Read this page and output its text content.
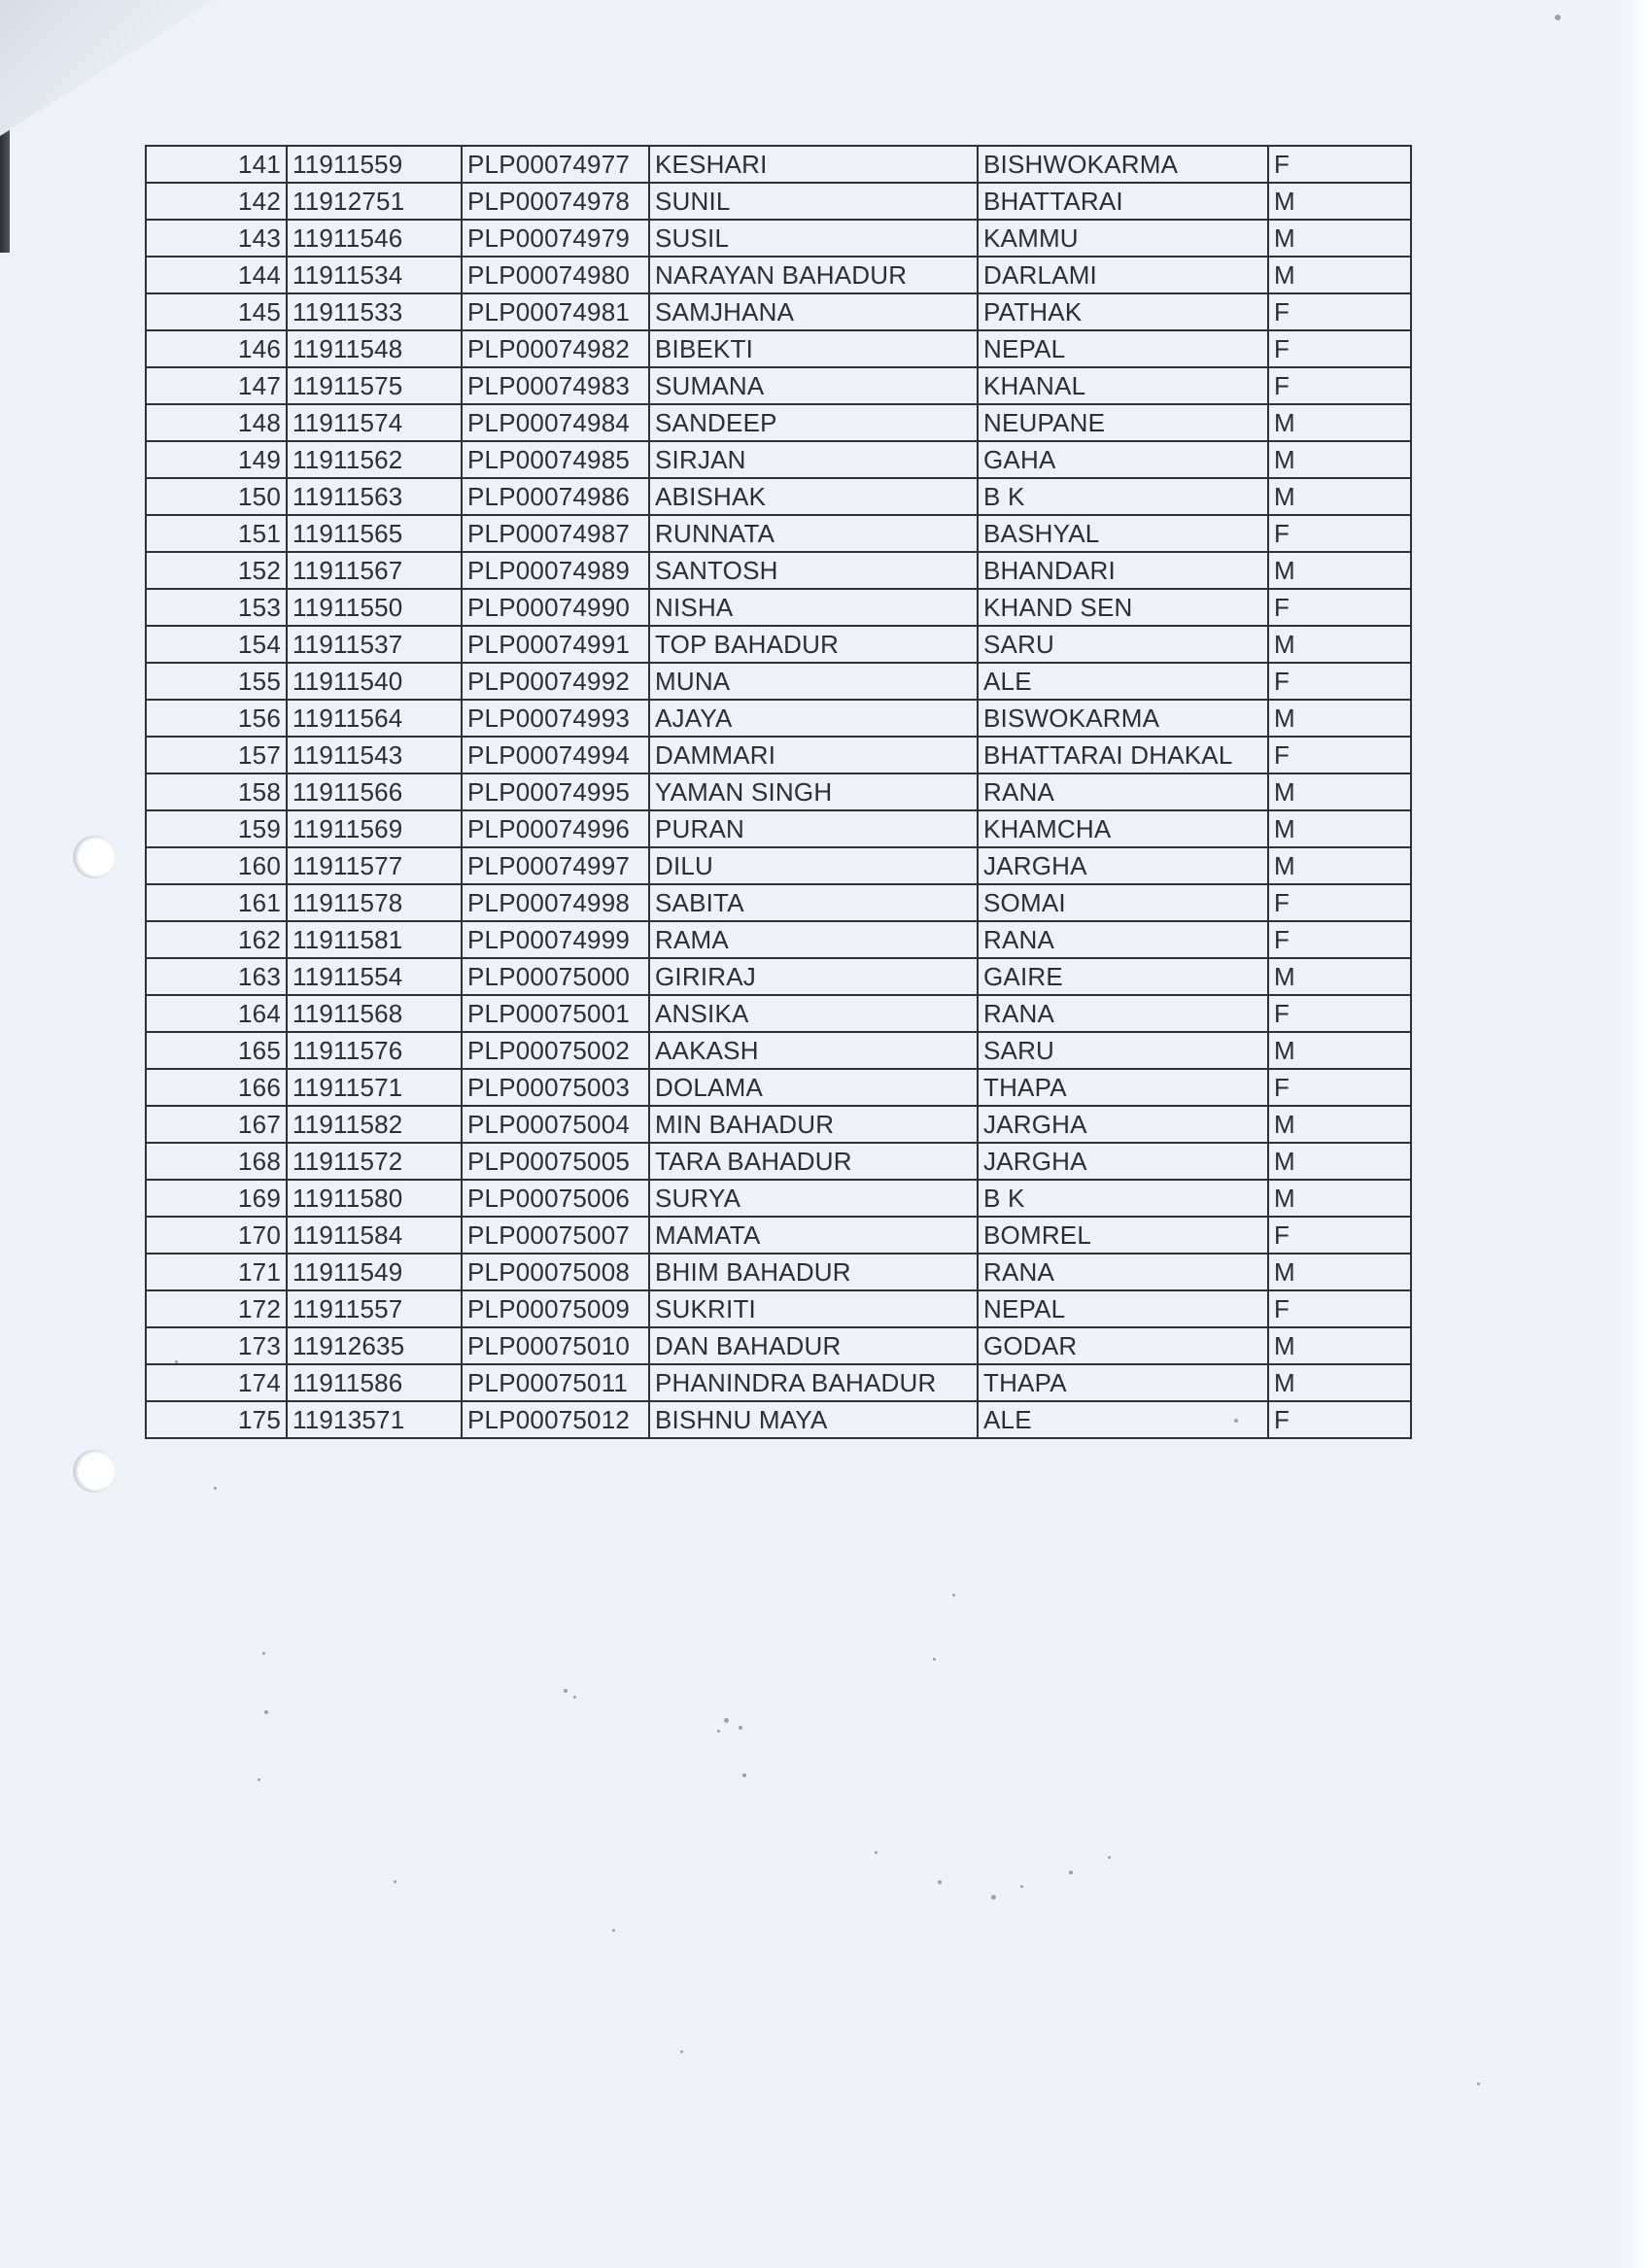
141	11911559	PLP00074977	KESHARI	BISHWOKARMA	F
142	11912751	PLP00074978	SUNIL	BHATTARAI	M
143	11911546	PLP00074979	SUSIL	KAMMU	M
144	11911534	PLP00074980	NARAYAN BAHADUR	DARLAMI	M
145	11911533	PLP00074981	SAMJHANA	PATHAK	F
146	11911548	PLP00074982	BIBEKTI	NEPAL	F
147	11911575	PLP00074983	SUMANA	KHANAL	F
148	11911574	PLP00074984	SANDEEP	NEUPANE	M
149	11911562	PLP00074985	SIRJAN	GAHA	M
150	11911563	PLP00074986	ABISHAK	B K	M
151	11911565	PLP00074987	RUNNATA	BASHYAL	F
152	11911567	PLP00074989	SANTOSH	BHANDARI	M
153	11911550	PLP00074990	NISHA	KHAND SEN	F
154	11911537	PLP00074991	TOP BAHADUR	SARU	M
155	11911540	PLP00074992	MUNA	ALE	F
156	11911564	PLP00074993	AJAYA	BISWOKARMA	M
157	11911543	PLP00074994	DAMMARI	BHATTARAI DHAKAL	F
158	11911566	PLP00074995	YAMAN SINGH	RANA	M
159	11911569	PLP00074996	PURAN	KHAMCHA	M
160	11911577	PLP00074997	DILU	JARGHA	M
161	11911578	PLP00074998	SABITA	SOMAI	F
162	11911581	PLP00074999	RAMA	RANA	F
163	11911554	PLP00075000	GIRIRAJ	GAIRE	M
164	11911568	PLP00075001	ANSIKA	RANA	F
165	11911576	PLP00075002	AAKASH	SARU	M
166	11911571	PLP00075003	DOLAMA	THAPA	F
167	11911582	PLP00075004	MIN BAHADUR	JARGHA	M
168	11911572	PLP00075005	TARA BAHADUR	JARGHA	M
169	11911580	PLP00075006	SURYA	B K	M
170	11911584	PLP00075007	MAMATA	BOMREL	F
171	11911549	PLP00075008	BHIM BAHADUR	RANA	M
172	11911557	PLP00075009	SUKRITI	NEPAL	F
173	11912635	PLP00075010	DAN BAHADUR	GODAR	M
174	11911586	PLP00075011	PHANINDRA BAHADUR	THAPA	M
175	11913571	PLP00075012	BISHNU MAYA	ALE	F
